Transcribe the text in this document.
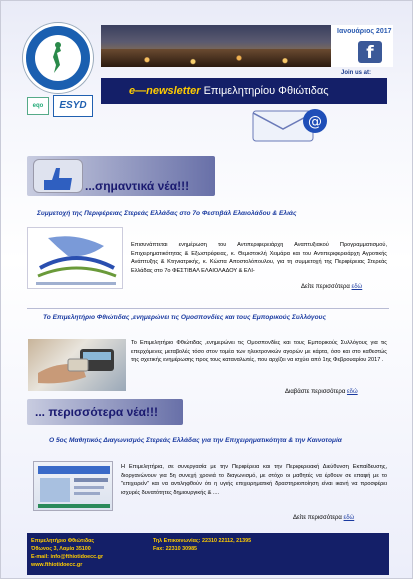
eqo	ESYD
Ιανουάριος 2017
f
Join us at:
e—newsletter Επιμελητηρίου Φθιώτιδας
@
...σημαντικά νέα!!!
Συμμετοχή της Περιφέρειας Στερεάς Ελλάδας στο 7ο Φεστιβάλ Ελαιολάδου & Ελιάς
Επισυνάπτεται ενημέρωση του Αντιπεριφερειάρχη Αναπτυξιακού Προγραμματισμού, Επιχειρηματικότητας & Εξωστρέφειας, κ. Θεμιστοκλή Χειμάρα και του Αντιπεριφερειάρχη Αγροτικής Ανάπτυξης & Κτηνιατρικής, κ. Κώστα Αποστολόπουλου, για τη συμμετοχή της Περιφέρειας Στερεάς Ελλάδας στο 7ο ΦΕΣΤΙΒΑΛ ΕΛΑΙΟΛΑΔΟΥ & ΕΛΙ-
Δείτε περισσότερα εδώ
Το Επιμελητήριο Φθιώτιδας ,ενημερώνει τις Ομοσπονδίες και τους Εμπορικούς Συλλόγους
Το Επιμελητήριο Φθιώτιδας ,ενημερώνει τις Ομοσπονδίες και τους Εμπορικούς Συλλόγους για τις επερχόμενες μεταβολές τόσο στον τομέα των ηλεκτρονικών αγορών με κάρτα, όσο και στο καθεστώς της σχετικής ενημέρωσης προς τους καταναλωτές, που αρχίζει να ισχύει από 1ης Φεβρουαρίου 2017 .
Διαβάστε περισσότερα εδώ
... περισσότερα νέα!!!
Ο 5ος Μαθητικός Διαγωνισμός Στερεάς Ελλάδας για την Επιχειρηματικότητα & την Καινοτομία
Η Επιμελητήρια, σε συνεργασία με την Περιφέρεια και την Περιφερειακή Διεύθυνση Εκπαίδευσης, διοργανώνουν για 5η συνεχή χρονιά το διαγωνισμό, με στόχο οι μαθητές να έρθουν σε επαφή με το "επιχειρείν" και να αντιληφθούν ότι η υγιής επιχειρηματική δραστηριοποίηση είναι ικανή να προσφέρει ισχυρές δυνατότητες δημιουργικής & ....
Δείτε περισσότερα εδώ
Επιμελητήριο Φθιώτιδας
Όθωνος 3, Λαμία 35100
E-mail: info@fthiotidoecc.gr
www.fthiotidoecc.gr
Τηλ Επικοινωνίας: 22310 22112, 21395
Fax: 22310 30985
